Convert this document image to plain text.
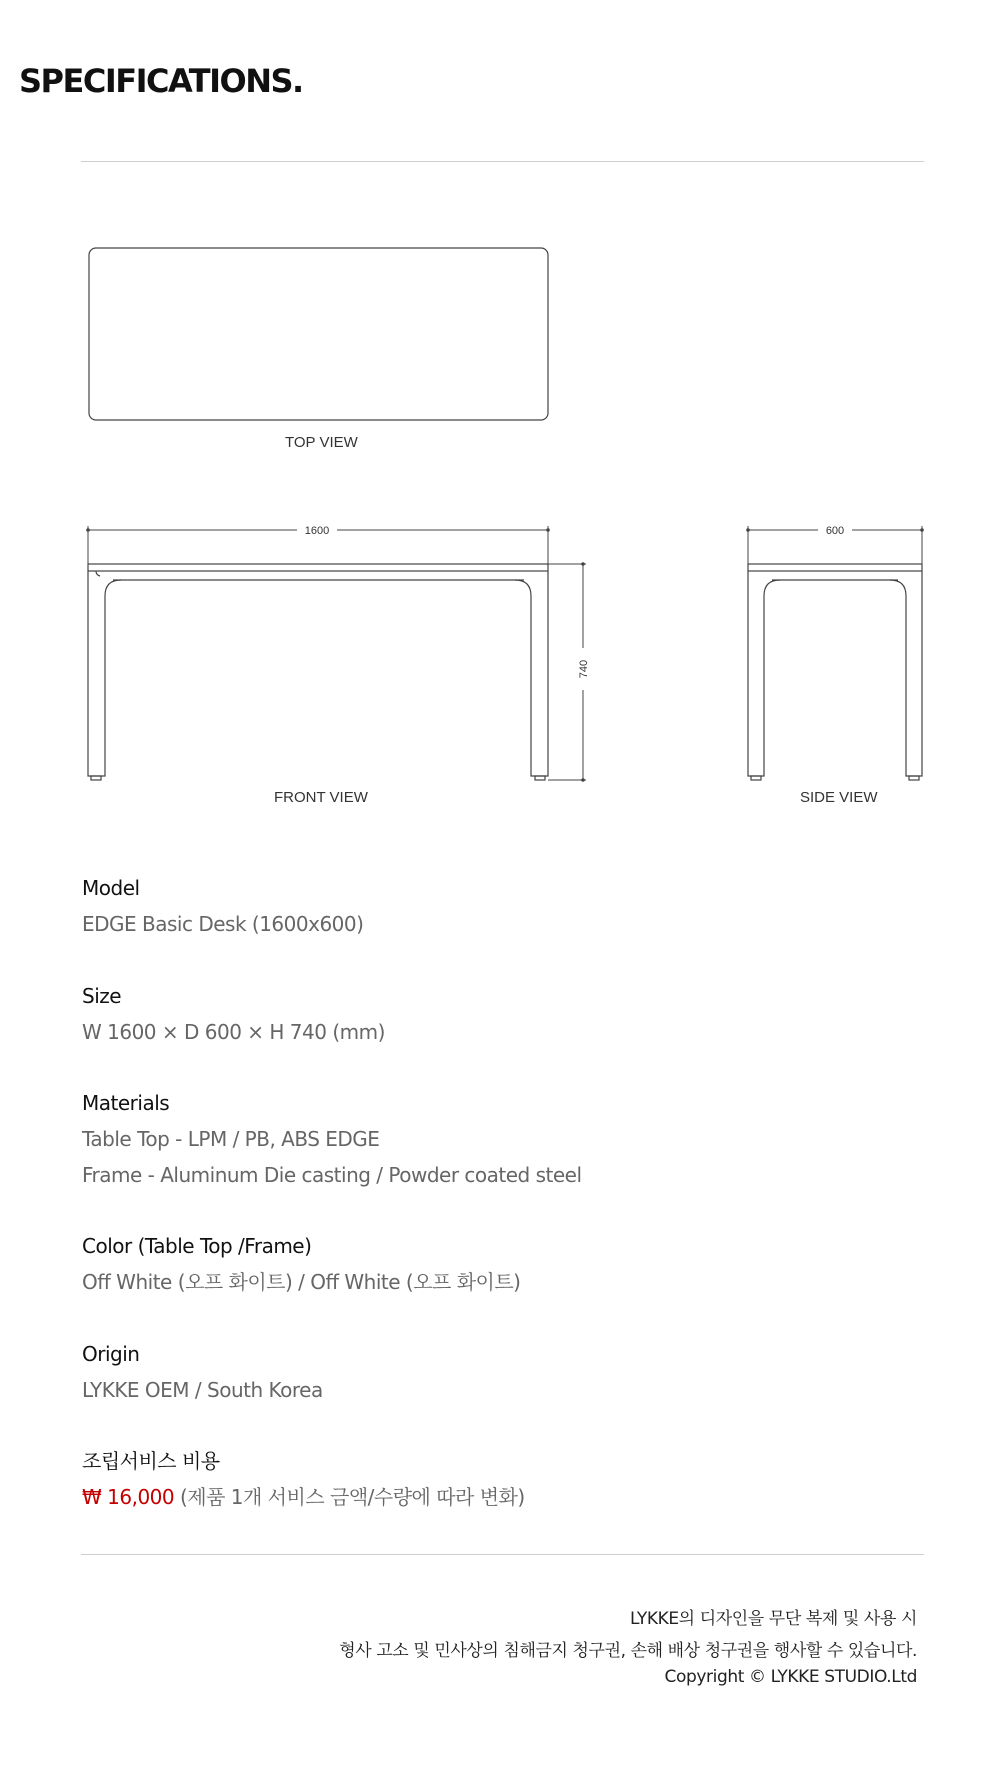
SPECIFICATIONS.
1600
740
600
TOP VIEW
FRONT VIEW	SIDE VIEW
Model
EDGE Basic Desk (1600x600)
Size
W 1600 × D 600 × H 740 (mm)
Materials
Table Top - LPM / PB, ABS EDGE
Frame - Aluminum Die casting / Powder coated steel
Color (Table Top /Frame)
Off White (오프 화이트) / Off White (오프 화이트)
Origin
LYKKE OEM / South Korea
조립서비스 비용
₩ 16,000 (제품 1개 서비스 금액/수량에 따라 변화)
LYKKE의 디자인을 무단 복제 및 사용 시
형사 고소 및 민사상의 침해금지 청구권, 손해 배상 청구권을 행사할 수 있습니다.
Copyright © LYKKE STUDIO.Ltd
